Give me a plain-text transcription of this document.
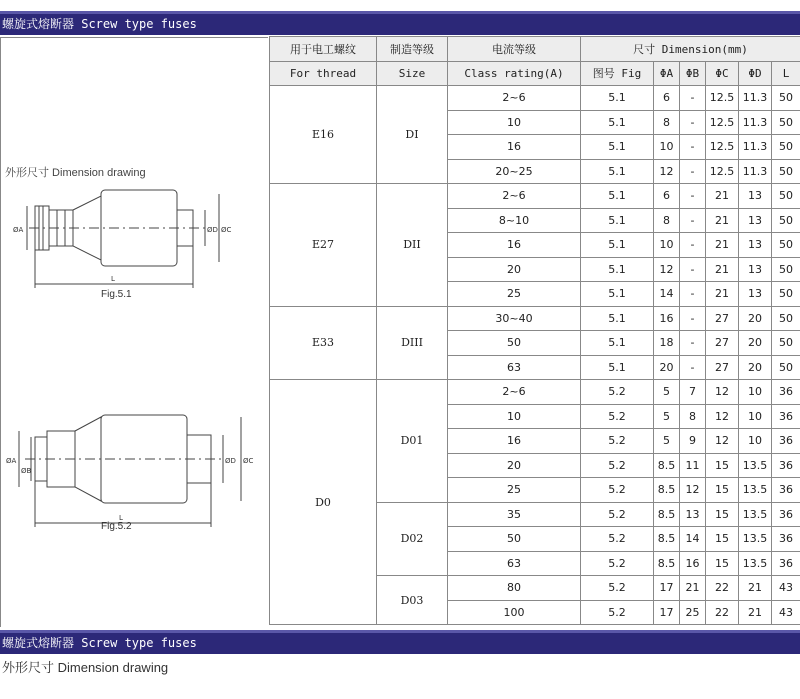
螺旋式熔断器 Screw type fuses
外形尺寸 Dimension drawing
ØA	ØD ØC
L
Fig.5.1
ØA
ØB
ØD ØC
L
Fig.5.2
用于电工螺纹	制造等级	电流等级	尺寸 Dimension(mm)					
For thread	Size	Class rating(A)	图号 Fig	ΦA	ΦB	ΦC	ΦD	L
E16	DI	2~6	5.1	6	-	12.5	11.3	50
		10	5.1	8	-	12.5	11.3	50
		16	5.1	10	-	12.5	11.3	50
		20~25	5.1	12	-	12.5	11.3	50
E27	DII	2~6	5.1	6	-	21	13	50
		8~10	5.1	8	-	21	13	50
		16	5.1	10	-	21	13	50
		20	5.1	12	-	21	13	50
		25	5.1	14	-	21	13	50
E33	DIII	30~40	5.1	16	-	27	20	50
		50	5.1	18	-	27	20	50
		63	5.1	20	-	27	20	50
D0	D01	2~6	5.2	5	7	12	10	36
		10	5.2	5	8	12	10	36
		16	5.2	5	9	12	10	36
		20	5.2	8.5	11	15	13.5	36
		25	5.2	8.5	12	15	13.5	36
	D02	35	5.2	8.5	13	15	13.5	36
		50	5.2	8.5	14	15	13.5	36
		63	5.2	8.5	16	15	13.5	36
	D03	80	5.2	17	21	22	21	43
		100	5.2	17	25	22	21	43
螺旋式熔断器 Screw type fuses
外形尺寸 Dimension drawing
